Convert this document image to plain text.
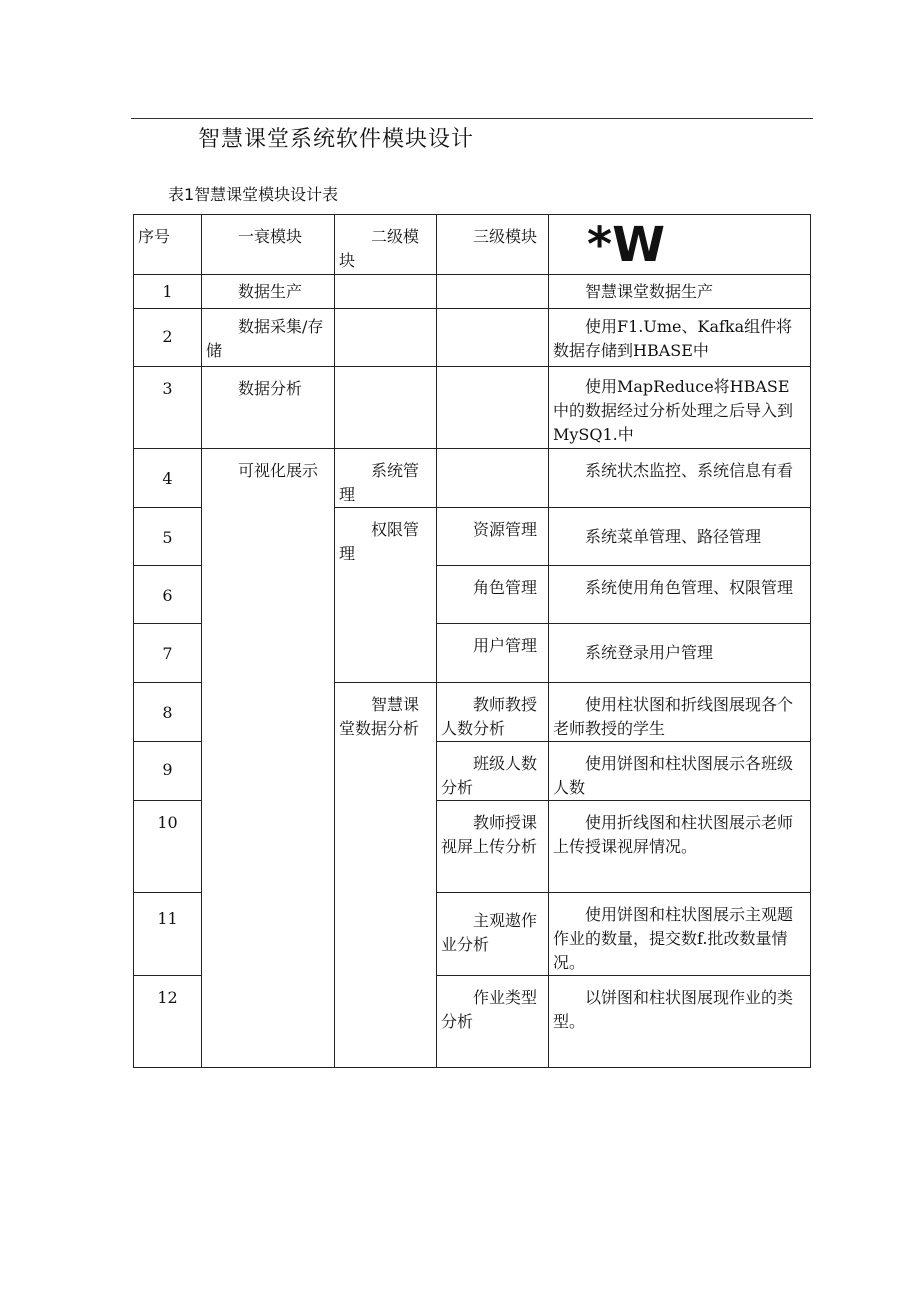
智慧课堂系统软件模块设计
表1智慧课堂模块设计表
序号	一衰模块	二级模块	三级模块	*W
1	数据生产			智慧课堂数据生产
2	数据采集/存储			使用F1.Ume、Kafka组件将数据存储到HBASE中
3	数据分析			使用MapReduce将HBASE中的数据经过分析处理之后导入到MySQ1.中
4	可视化展示	系统管理		系统状杰监控、系统信息有看
5		权限管理	资源管理	系统菜单管理、路径管理
6			角色管理	系统使用角色管理、权限管理
7			用户管理	系统登录用户管理
8		智慧课堂数据分析	教师教授人数分析	使用柱状图和折线图展现各个老师教授的学生
9			班级人数分析	使用饼图和柱状图展示各班级人数
10			教师授课视屏上传分析	使用折线图和柱状图展示老师上传授课视屏情况。
11			主观遨作业分析	使用饼图和柱状图展示主观题作业的数量，提交数f.批改数量情况。
12			作业类型分析	以饼图和柱状图展现作业的类型。
